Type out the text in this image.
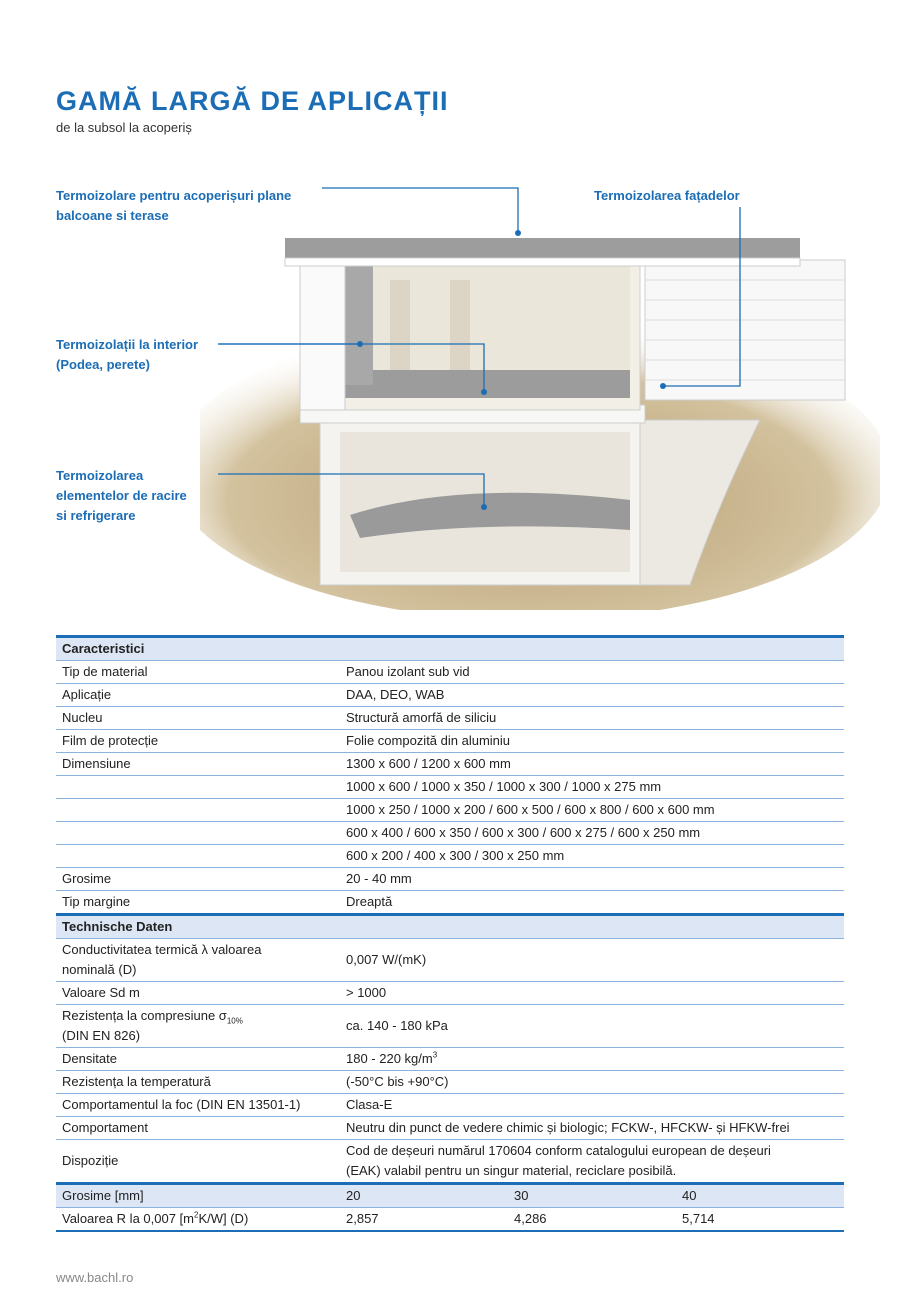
GAMĂ LARGĂ DE APLICAȚII
de la subsol la acoperiș
Termoizolare pentru acoperișuri plane
balcoane si terase
Termoizolarea fațadelor
Termoizolații la interior
(Podea, perete)
Termoizolarea
elementelor de racire
si refrigerare
Caracteristici			
Tip de material	Panou izolant sub vid		
Aplicație	DAA, DEO, WAB		
Nucleu	Structură amorfă de siliciu		
Film de protecție	Folie compozită din aluminiu		
Dimensiune	1300 x 600 / 1200 x 600 mm		
	1000 x 600 / 1000 x 350 / 1000 x 300 / 1000 x 275 mm		
	1000 x 250 / 1000 x 200 / 600 x 500 / 600 x 800 / 600 x 600 mm		
	600 x 400 / 600 x 350 / 600 x 300 / 600 x 275 / 600 x 250 mm		
	600 x 200 / 400 x 300 / 300 x 250 mm		
Grosime	20 - 40 mm		
Tip margine	Dreaptă		
Technische Daten			
Conductivitatea termică λ valoarea
nominală (D)	0,007 W/(mK)		
Valoare Sd m	> 1000		
Rezistența la compresiune $\sigma_{10\%}$
(DIN EN 826)	ca. 140 - 180 kPa		
Densitate	180 - 220 $kg/m^3$
Rezistența la temperatură	(-50°C bis +90°C)		
Comportamentul la foc (DIN EN 13501-1)	Clasa-E		
Comportament	Neutru din punct de vedere chimic și biologic; FCKW-, HFCKW- și HFKW-frei		
Dispoziție	Cod de deșeuri numărul 170604 conform catalogului european de deșeuri
(EAK) valabil pentru un singur material, reciclare posibilă.		
Grosime [mm]	20	30	40
Valoarea R la 0,007 $[m^2K/W]$ (D)	2,857	4,286	5,714
www.bachl.ro
